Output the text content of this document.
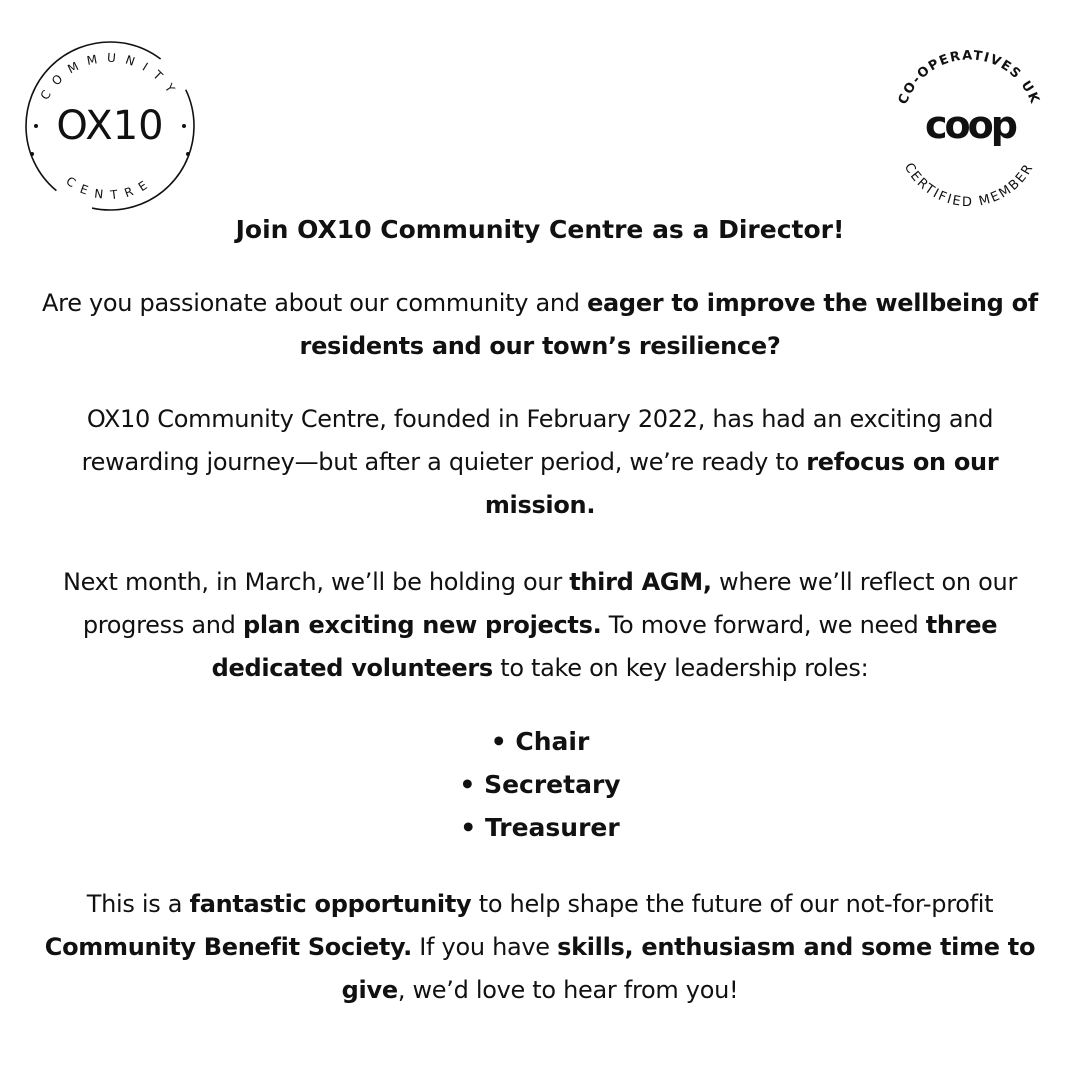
COMMUNITY
OX10
CENTRE
CO-OPERATIVES UK
coop
CERTIFIED MEMBER
Join OX10 Community Centre as a Director!

Are you passionate about our community and eager to improve the wellbeing of residents and our town’s resilience?

OX10 Community Centre, founded in February 2022, has had an exciting and rewarding journey—but after a quieter period, we’re ready to refocus on our mission.

Next month, in March, we’ll be holding our third AGM, where we’ll reflect on our progress and plan exciting new projects. To move forward, we need three dedicated volunteers to take on key leadership roles:

• Chair
• Secretary
• Treasurer

This is a fantastic opportunity to help shape the future of our not-for-profit Community Benefit Society. If you have skills, enthusiasm and some time to give, we’d love to hear from you!
